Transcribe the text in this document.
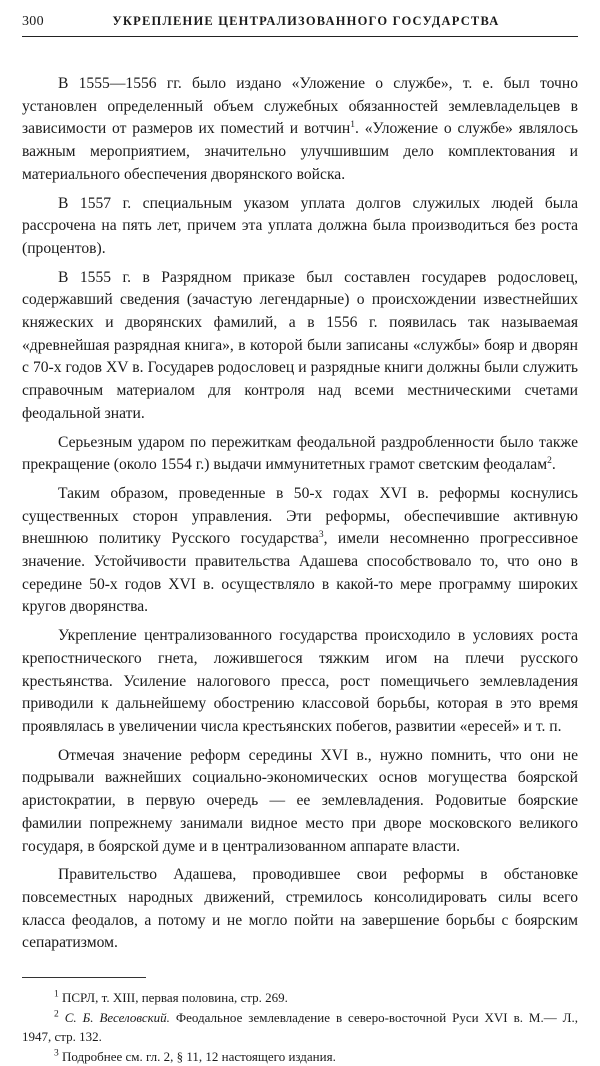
300	УКРЕПЛЕНИЕ ЦЕНТРАЛИЗОВАННОГО ГОСУДАРСТВА

В 1555—1556 гг. было издано «Уложение о службе», т. е. был точно установлен определенный объем служебных обязанностей землевладельцев в зависимости от размеров их поместий и вотчин$^1$. «Уложение о службе» являлось важным мероприятием, значительно улучшившим дело комплектования и материального обеспечения дворянского войска.

В 1557 г. специальным указом уплата долгов служилых людей была рассрочена на пять лет, причем эта уплата должна была производиться без роста (процентов).

В 1555 г. в Разрядном приказе был составлен государев родословец, содержавший сведения (зачастую легендарные) о происхождении известнейших княжеских и дворянских фамилий, а в 1556 г. появилась так называемая «древнейшая разрядная книга», в которой были записаны «службы» бояр и дворян с 70-х годов XV в. Государев родословец и разрядные книги должны были служить справочным материалом для контроля над всеми местническими счетами феодальной знати.

Серьезным ударом по пережиткам феодальной раздробленности было также прекращение (около 1554 г.) выдачи иммунитетных грамот светским феодалам$^2$.

Таким образом, проведенные в 50-х годах XVI в. реформы коснулись существенных сторон управления. Эти реформы, обеспечившие активную внешнюю политику Русского государства$^3$, имели несомненно прогрессивное значение. Устойчивости правительства Адашева способствовало то, что оно в середине 50-х годов XVI в. осуществляло в какой-то мере программу широких кругов дворянства.

Укрепление централизованного государства происходило в условиях роста крепостнического гнета, ложившегося тяжким игом на плечи русского крестьянства. Усиление налогового пресса, рост помещичьего землевладения приводили к дальнейшему обострению классовой борьбы, которая в это время проявлялась в увеличении числа крестьянских побегов, развитии «ересей» и т. п.

Отмечая значение реформ середины XVI в., нужно помнить, что они не подрывали важнейших социально-экономических основ могущества боярской аристократии, в первую очередь — ее землевладения. Родовитые боярские фамилии попрежнему занимали видное место при дворе московского великого государя, в боярской думе и в централизованном аппарате власти.

Правительство Адашева, проводившее свои реформы в обстановке повсеместных народных движений, стремилось консолидировать силы всего класса феодалов, а потому и не могло пойти на завершение борьбы с боярским сепаратизмом.

$^1$ ПСРЛ, т. XIII, первая половина, стр. 269.

$^2$ С. Б. Веселовский. Феодальное землевладение в северо-восточной Руси XVI в. М.— Л., 1947, стр. 132.

$^3$ Подробнее см. гл. 2, § 11, 12 настоящего издания.
